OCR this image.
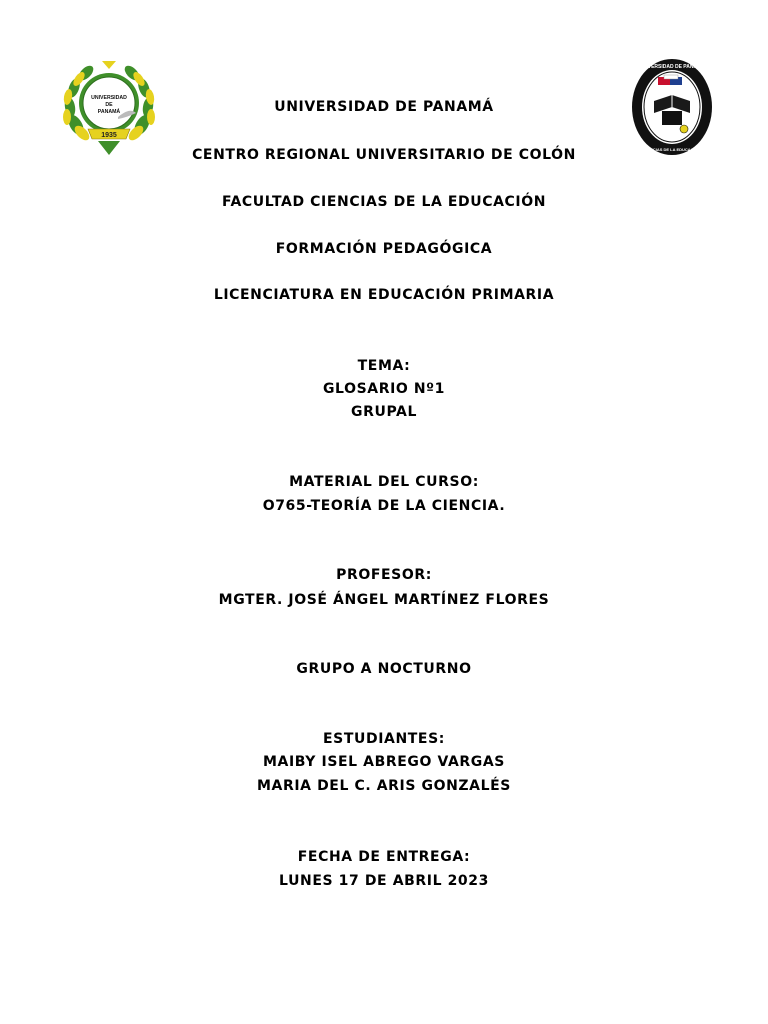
1935
UNIVERSIDAD
DE
PANAMÁ
UNIVERSIDAD DE PANAMÁ
CIENCIAS DE LA EDUCACIÓN
UNIVERSIDAD DE PANAMÁ
CENTRO REGIONAL UNIVERSITARIO DE COLÓN
FACULTAD CIENCIAS DE LA EDUCACIÓN
FORMACIÓN PEDAGÓGICA
LICENCIATURA EN EDUCACIÓN PRIMARIA
TEMA:
GLOSARIO Nº1
GRUPAL
MATERIAL DEL CURSO:
O765-TEORÍA DE LA CIENCIA.
PROFESOR:
MGTER. JOSÉ ÁNGEL MARTÍNEZ FLORES
GRUPO A NOCTURNO
ESTUDIANTES:
MAIBY ISEL ABREGO VARGAS
MARIA DEL C. ARIS GONZALÉS
FECHA DE ENTREGA:
LUNES 17 DE ABRIL 2023
